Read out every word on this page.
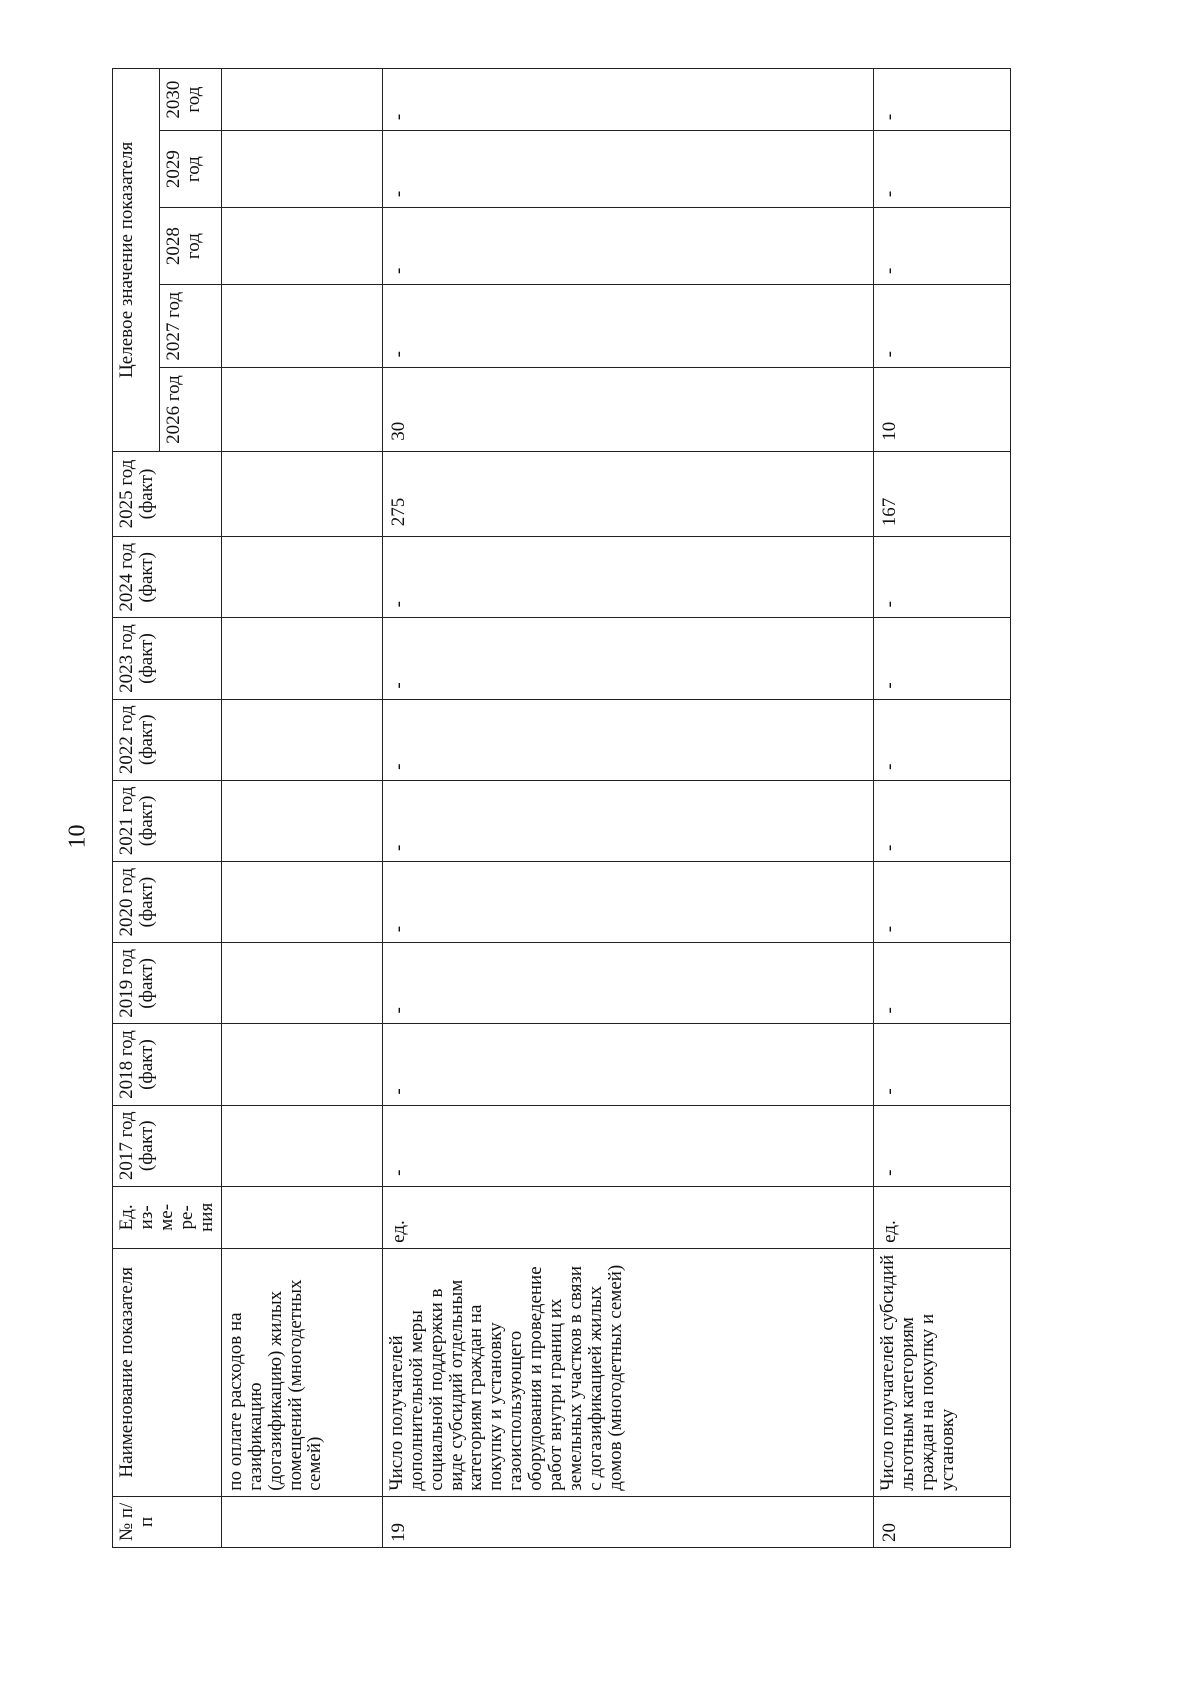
10
№ п/п	Наименование показателя	Ед. из- ме- ре- ния	2017 год (факт)	2018 год (факт)	2019 год (факт)	2020 год (факт)	2021 год (факт)	2022 год (факт)	2023 год (факт)	2024 год (факт)	2025 год (факт)	Целевое значение показателя				
												2026 год	2027 год	2028 год	2029 год	2030 год
	по оплате расходов на газификацию (догазификацию) жилых помещений (многодетных семей)															
19	Число получателей дополнительной меры социальной поддержки в виде субсидий отдельным категориям граждан на покупку и установку газоиспользующего оборудования и проведение работ внутри границ их земельных участков в связи с догазификацией жилых домов (многодетных семей)	ед.	-	-	-	-	-	-	-	-	275	30	-	-	-	-
20	Число получателей субсидий льготным категориям граждан на покупку и установку	ед.	-	-	-	-	-	-	-	-	167	10	-	-	-	-
